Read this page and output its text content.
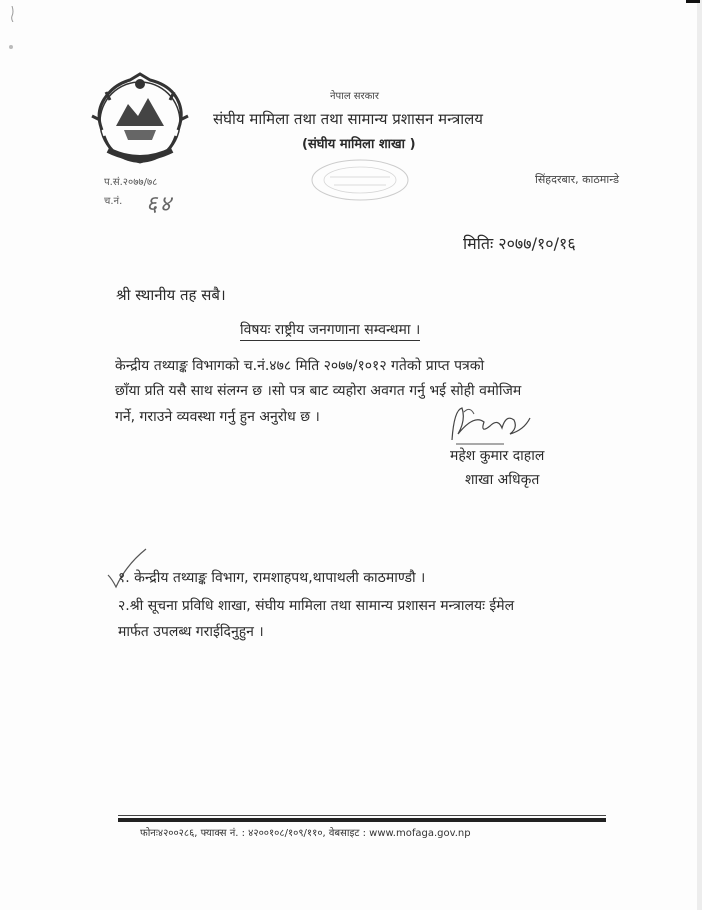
नेपाल सरकार
संघीय मामिला तथा तथा सामान्य प्रशासन मन्त्रालय
(संघीय मामिला शाखा )
प.सं.२०७७/७८
च.नं. ६४
सिंहदरबार, काठमान्डे
मितिः २०७७/१०/१६
श्री स्थानीय तह सबै।
विषयः राष्ट्रीय जनगणाना सम्वन्धमा ।
केन्द्रीय तथ्याङ्क विभागको च.नं.४७८ मिति २०७७/१०१२ गतेको प्राप्त पत्रको
छाँया प्रति यसै साथ संलग्न छ ।सो पत्र बाट व्यहोरा अवगत गर्नु भई सोही वमोजिम
गर्ने, गराउने व्यवस्था गर्नु हुन अनुरोध छ ।
महेश कुमार दाहाल
शाखा अधिकृत
१. केन्द्रीय तथ्याङ्क विभाग, रामशाहपथ,थापाथली काठमाण्डौ ।
२.श्री सूचना प्रविधि शाखा, संघीय मामिला तथा सामान्य प्रशासन मन्त्रालयः ईमेल
मार्फत उपलब्ध गराईदिनुहुन ।
फोनः४२००२८६, फ्याक्स नं. : ४२००१०८/१०९/११०, वेबसाइट : www.mofaga.gov.np
